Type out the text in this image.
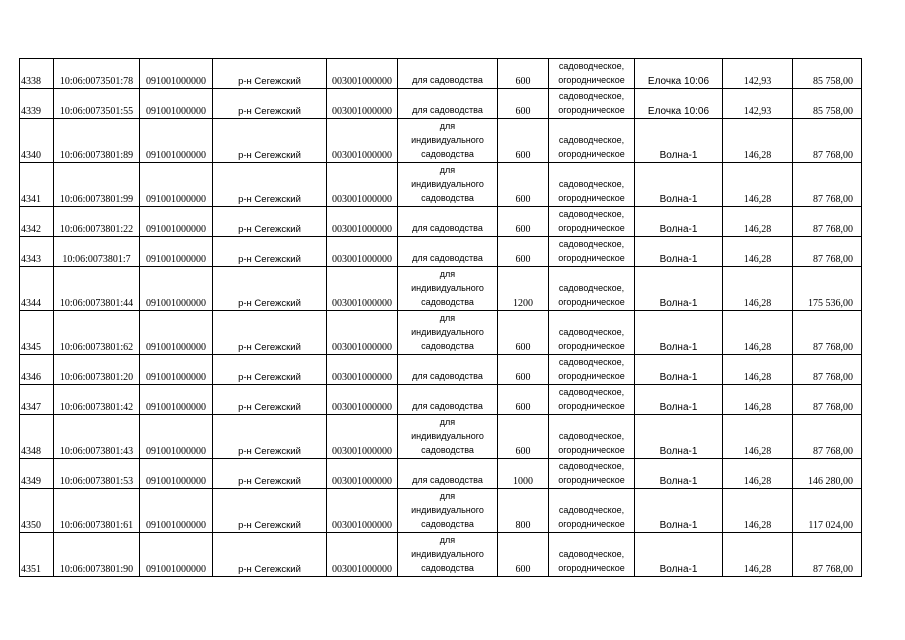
4338	10:06:0073501:78	091001000000	р-н Сегежский	003001000000	для садоводства	600	садоводческое,
огородническое	Елочка 10:06	142,93	85 758,00
4339	10:06:0073501:55	091001000000	р-н Сегежский	003001000000	для садоводства	600	садоводческое,
огородническое	Елочка 10:06	142,93	85 758,00
4340	10:06:0073801:89	091001000000	р-н Сегежский	003001000000	для
индивидуального
садоводства	600	садоводческое,
огородническое	Волна-1	146,28	87 768,00
4341	10:06:0073801:99	091001000000	р-н Сегежский	003001000000	для
индивидуального
садоводства	600	садоводческое,
огородническое	Волна-1	146,28	87 768,00
4342	10:06:0073801:22	091001000000	р-н Сегежский	003001000000	для садоводства	600	садоводческое,
огородническое	Волна-1	146,28	87 768,00
4343	10:06:0073801:7	091001000000	р-н Сегежский	003001000000	для садоводства	600	садоводческое,
огородническое	Волна-1	146,28	87 768,00
4344	10:06:0073801:44	091001000000	р-н Сегежский	003001000000	для
индивидуального
садоводства	1200	садоводческое,
огородническое	Волна-1	146,28	175 536,00
4345	10:06:0073801:62	091001000000	р-н Сегежский	003001000000	для
индивидуального
садоводства	600	садоводческое,
огородническое	Волна-1	146,28	87 768,00
4346	10:06:0073801:20	091001000000	р-н Сегежский	003001000000	для садоводства	600	садоводческое,
огородническое	Волна-1	146,28	87 768,00
4347	10:06:0073801:42	091001000000	р-н Сегежский	003001000000	для садоводства	600	садоводческое,
огородническое	Волна-1	146,28	87 768,00
4348	10:06:0073801:43	091001000000	р-н Сегежский	003001000000	для
индивидуального
садоводства	600	садоводческое,
огородническое	Волна-1	146,28	87 768,00
4349	10:06:0073801:53	091001000000	р-н Сегежский	003001000000	для садоводства	1000	садоводческое,
огородническое	Волна-1	146,28	146 280,00
4350	10:06:0073801:61	091001000000	р-н Сегежский	003001000000	для
индивидуального
садоводства	800	садоводческое,
огородническое	Волна-1	146,28	117 024,00
4351	10:06:0073801:90	091001000000	р-н Сегежский	003001000000	для
индивидуального
садоводства	600	садоводческое,
огородническое	Волна-1	146,28	87 768,00
